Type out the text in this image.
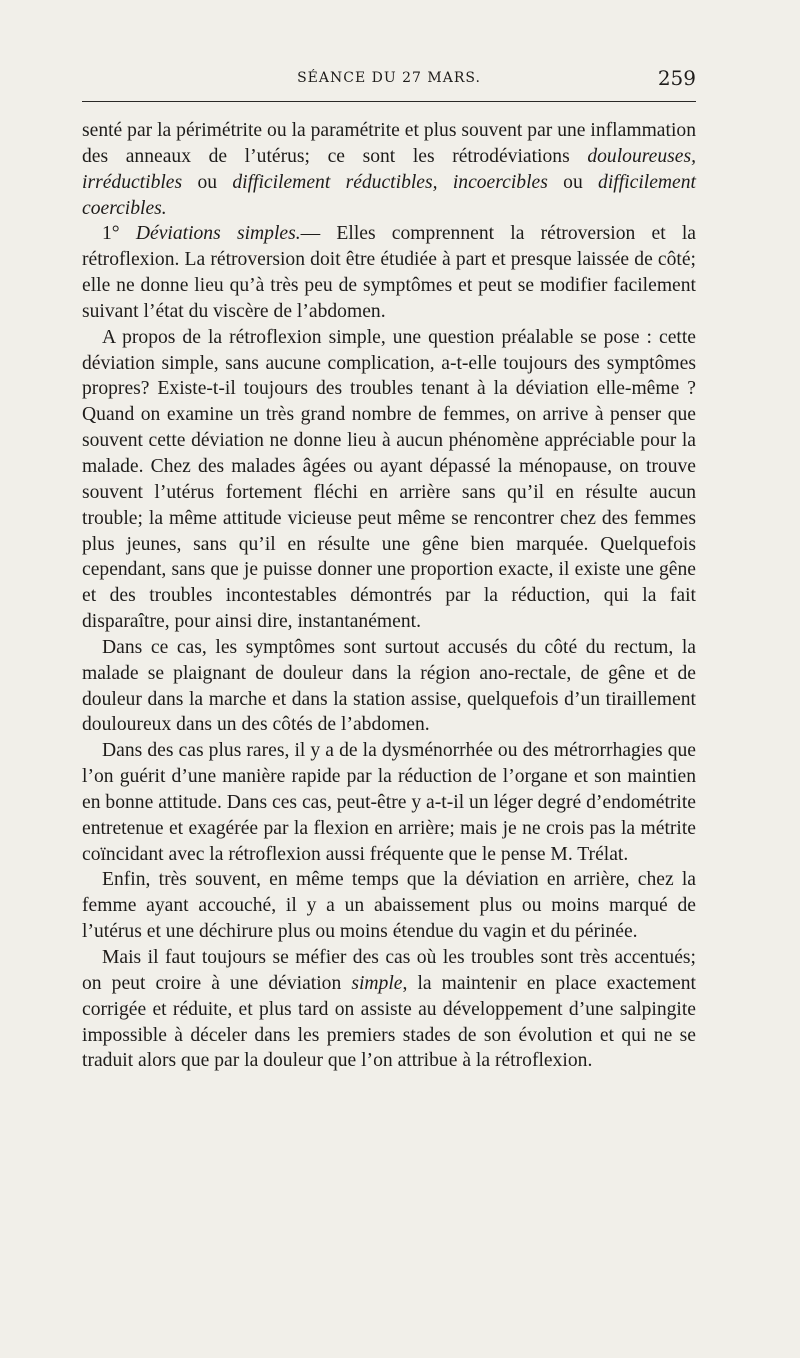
SÉANCE DU 27 MARS.	259

senté par la périmétrite ou la paramétrite et plus souvent par une inflammation des anneaux de l’utérus; ce sont les rétrodéviations douloureuses, irréductibles ou difficilement réductibles, incoercibles ou difficilement coercibles.

1° Déviations simples.— Elles comprennent la rétroversion et la rétroflexion. La rétroversion doit être étudiée à part et presque laissée de côté; elle ne donne lieu qu’à très peu de symptômes et peut se modifier facilement suivant l’état du viscère de l’abdomen.

A propos de la rétroflexion simple, une question préalable se pose : cette déviation simple, sans aucune complication, a-t-elle toujours des symptômes propres? Existe-t-il toujours des troubles tenant à la déviation elle-même ? Quand on examine un très grand nombre de femmes, on arrive à penser que souvent cette déviation ne donne lieu à aucun phénomène appréciable pour la malade. Chez des malades âgées ou ayant dépassé la ménopause, on trouve souvent l’utérus fortement fléchi en arrière sans qu’il en résulte aucun trouble; la même attitude vicieuse peut même se rencontrer chez des femmes plus jeunes, sans qu’il en résulte une gêne bien marquée. Quelquefois cependant, sans que je puisse donner une proportion exacte, il existe une gêne et des troubles incontestables démontrés par la réduction, qui la fait disparaître, pour ainsi dire, instantanément.

Dans ce cas, les symptômes sont surtout accusés du côté du rectum, la malade se plaignant de douleur dans la région ano-rectale, de gêne et de douleur dans la marche et dans la station assise, quelquefois d’un tiraillement douloureux dans un des côtés de l’abdomen.

Dans des cas plus rares, il y a de la dysménorrhée ou des métrorrhagies que l’on guérit d’une manière rapide par la réduction de l’organe et son maintien en bonne attitude. Dans ces cas, peut-être y a-t-il un léger degré d’endométrite entretenue et exagérée par la flexion en arrière; mais je ne crois pas la métrite coïncidant avec la rétroflexion aussi fréquente que le pense M. Trélat.

Enfin, très souvent, en même temps que la déviation en arrière, chez la femme ayant accouché, il y a un abaissement plus ou moins marqué de l’utérus et une déchirure plus ou moins étendue du vagin et du périnée.

Mais il faut toujours se méfier des cas où les troubles sont très accentués; on peut croire à une déviation simple, la maintenir en place exactement corrigée et réduite, et plus tard on assiste au développement d’une salpingite impossible à déceler dans les premiers stades de son évolution et qui ne se traduit alors que par la douleur que l’on attribue à la rétroflexion.
